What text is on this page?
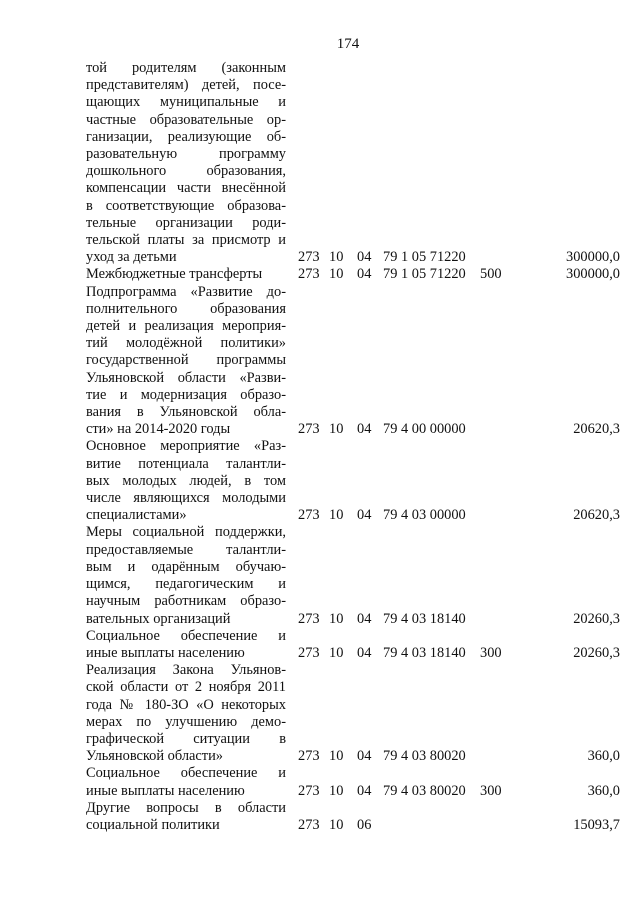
174
той родителям (законным
представителям) детей, посе-
щающих муниципальные и
частные образовательные ор-
ганизации, реализующие об-
разовательную программу
дошкольного образования,
компенсации части внесённой
в соответствующие образова-
тельные организации роди-
тельской платы за присмотр и
уход за детьми	273 10 04 79 1 05 71220	300000,0
Межбюджетные трансферты	273 10 04 79 1 05 71220 500	300000,0
Подпрограмма «Развитие до-
полнительного образования
детей и реализация мероприя-
тий молодёжной политики»
государственной программы
Ульяновской области «Разви-
тие и модернизация образо-
вания в Ульяновской обла-
сти» на 2014-2020 годы	273 10 04 79 4 00 00000	20620,3
Основное мероприятие «Раз-
витие потенциала талантли-
вых молодых людей, в том
числе являющихся молодыми
специалистами»	273 10 04 79 4 03 00000	20620,3
Меры социальной поддержки,
предоставляемые талантли-
вым и одарённым обучаю-
щимся, педагогическим и
научным работникам образо-
вательных организаций	273 10 04 79 4 03 18140	20260,3
Социальное обеспечение и
иные выплаты населению	273 10 04 79 4 03 18140 300	20260,3
Реализация Закона Ульянов-
ской области от 2 ноября 2011
года № 180-ЗО «О некоторых
мерах по улучшению демо-
графической ситуации в
Ульяновской области»	273 10 04 79 4 03 80020	360,0
Социальное обеспечение и
иные выплаты населению	273 10 04 79 4 03 80020 300	360,0
Другие вопросы в области
социальной политики	273 10 06	15093,7
